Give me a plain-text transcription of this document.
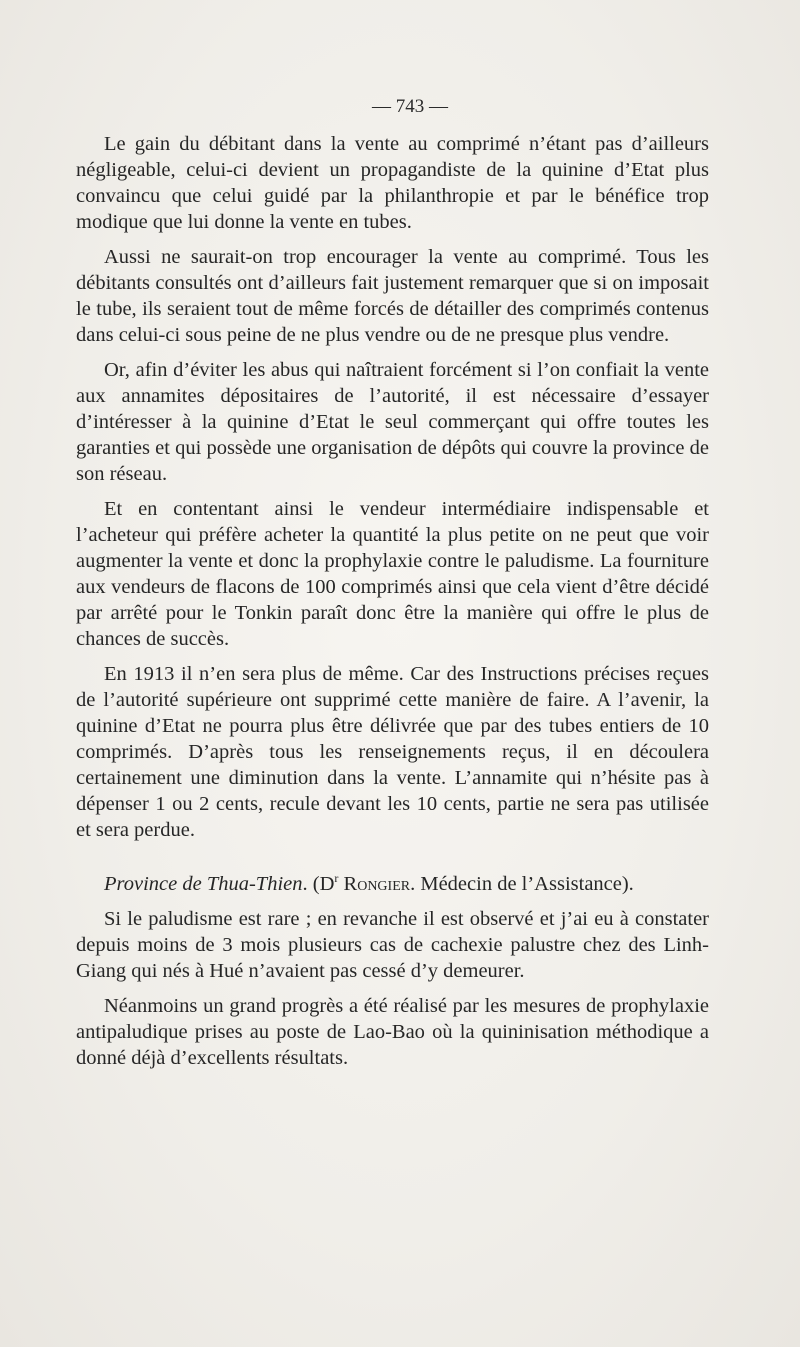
— 743 —

Le gain du débitant dans la vente au comprimé n’étant pas d’ailleurs négligeable, celui-ci devient un propagandiste de la quinine d’Etat plus convaincu que celui guidé par la philanthropie et par le bénéfice trop modique que lui donne la vente en tubes.

Aussi ne saurait-on trop encourager la vente au comprimé. Tous les débitants consultés ont d’ailleurs fait justement remarquer que si on imposait le tube, ils seraient tout de même forcés de détailler des comprimés contenus dans celui-ci sous peine de ne plus vendre ou de ne presque plus vendre.

Or, afin d’éviter les abus qui naîtraient forcément si l’on confiait la vente aux annamites dépositaires de l’autorité, il est nécessaire d’essayer d’intéresser à la quinine d’Etat le seul commerçant qui offre toutes les garanties et qui possède une organisation de dépôts qui couvre la province de son réseau.

Et en contentant ainsi le vendeur intermédiaire indispensable et l’acheteur qui préfère acheter la quantité la plus petite on ne peut que voir augmenter la vente et donc la prophylaxie contre le paludisme. La fourniture aux vendeurs de flacons de 100 comprimés ainsi que cela vient d’être décidé par arrêté pour le Tonkin paraît donc être la manière qui offre le plus de chances de succès.

En 1913 il n’en sera plus de même. Car des Instructions précises reçues de l’autorité supérieure ont supprimé cette manière de faire. A l’avenir, la quinine d’Etat ne pourra plus être délivrée que par des tubes entiers de 10 comprimés. D’après tous les renseignements reçus, il en découlera certainement une diminution dans la vente. L’annamite qui n’hésite pas à dépenser 1 ou 2 cents, recule devant les 10 cents, partie ne sera pas utilisée et sera perdue.

Province de Thua-Thien. ($D^r$ Rongier. Médecin de l’Assistance).

Si le paludisme est rare ; en revanche il est observé et j’ai eu à constater depuis moins de 3 mois plusieurs cas de cachexie palustre chez des Linh-Giang qui nés à Hué n’avaient pas cessé d’y demeurer.

Néanmoins un grand progrès a été réalisé par les mesures de prophylaxie antipaludique prises au poste de Lao-Bao où la quininisation méthodique a donné déjà d’excellents résultats.
